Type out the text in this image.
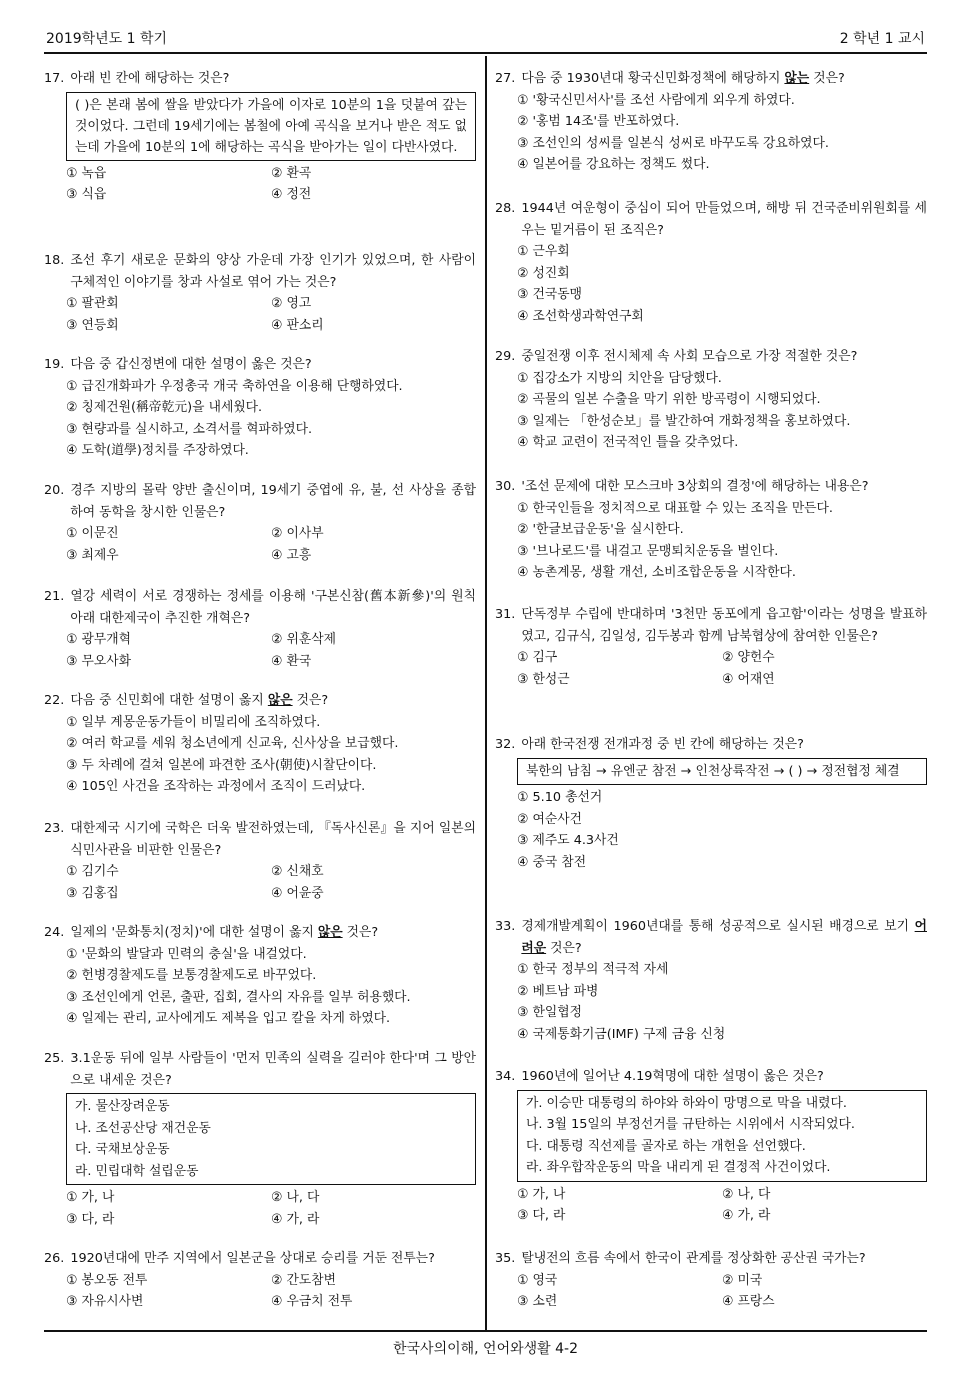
2019학년도 1 학기	2 학년 1 교시
17. 아래 빈 칸에 해당하는 것은?
( )은 본래 봄에 쌀을 받았다가 가을에 이자로 10분의 1을 덧붙여 갚는 것이었다. 그런데 19세기에는 봄철에 아예 곡식을 보거나 받은 적도 없는데 가을에 10분의 1에 해당하는 곡식을 받아가는 일이 다반사였다.
① 녹읍	② 환곡
③ 식읍	④ 정전
18. 조선 후기 새로운 문화의 양상 가운데 가장 인기가 있었으며, 한 사람이 구체적인 이야기를 창과 사설로 엮어 가는 것은?
① 팔관회	② 영고
③ 연등회	④ 판소리
19. 다음 중 갑신정변에 대한 설명이 옳은 것은?
① 급진개화파가 우정총국 개국 축하연을 이용해 단행하였다.
② 칭제건원(稱帝乾元)을 내세웠다.
③ 현량과를 실시하고, 소격서를 혁파하였다.
④ 도학(道學)정치를 주장하였다.
20. 경주 지방의 몰락 양반 출신이며, 19세기 중엽에 유, 불, 선 사상을 종합하여 동학을 창시한 인물은?
① 이문진	② 이사부
③ 최제우	④ 고흥
21. 열강 세력이 서로 경쟁하는 정세를 이용해 '구본신참(舊本新參)'의 원칙 아래 대한제국이 추진한 개혁은?
① 광무개혁	② 위훈삭제
③ 무오사화	④ 환국
22. 다음 중 신민회에 대한 설명이 옳지 않은 것은?
① 일부 계몽운동가들이 비밀리에 조직하였다.
② 여러 학교를 세워 청소년에게 신교육, 신사상을 보급했다.
③ 두 차례에 걸쳐 일본에 파견한 조사(朝使)시찰단이다.
④ 105인 사건을 조작하는 과정에서 조직이 드러났다.
23. 대한제국 시기에 국학은 더욱 발전하였는데, 『독사신론』을 지어 일본의 식민사관을 비판한 인물은?
① 김기수	② 신채호
③ 김홍집	④ 어윤중
24. 일제의 '문화통치(정치)'에 대한 설명이 옳지 않은 것은?
① '문화의 발달과 민력의 충실'을 내걸었다.
② 헌병경찰제도를 보통경찰제도로 바꾸었다.
③ 조선인에게 언론, 출판, 집회, 결사의 자유를 일부 허용했다.
④ 일제는 관리, 교사에게도 제복을 입고 칼을 차게 하였다.
25. 3.1운동 뒤에 일부 사람들이 '먼저 민족의 실력을 길러야 한다'며 그 방안으로 내세운 것은?
가. 물산장려운동
나. 조선공산당 재건운동
다. 국채보상운동
라. 민립대학 설립운동
① 가, 나	② 나, 다
③ 다, 라	④ 가, 라
26. 1920년대에 만주 지역에서 일본군을 상대로 승리를 거둔 전투는?
① 봉오동 전투	② 간도참변
③ 자유시사변	④ 우금치 전투
27. 다음 중 1930년대 황국신민화정책에 해당하지 않는 것은?
① '황국신민서사'를 조선 사람에게 외우게 하였다.
② '홍범 14조'를 반포하였다.
③ 조선인의 성씨를 일본식 성씨로 바꾸도록 강요하였다.
④ 일본어를 강요하는 정책도 썼다.
28. 1944년 여운형이 중심이 되어 만들었으며, 해방 뒤 건국준비위원회를 세우는 밑거름이 된 조직은?
① 근우회
② 성진회
③ 건국동맹
④ 조선학생과학연구회
29. 중일전쟁 이후 전시체제 속 사회 모습으로 가장 적절한 것은?
① 집강소가 지방의 치안을 담당했다.
② 곡물의 일본 수출을 막기 위한 방곡령이 시행되었다.
③ 일제는 「한성순보」를 발간하여 개화정책을 홍보하였다.
④ 학교 교련이 전국적인 틀을 갖추었다.
30. '조선 문제에 대한 모스크바 3상회의 결정'에 해당하는 내용은?
① 한국인들을 정치적으로 대표할 수 있는 조직을 만든다.
② '한글보급운동'을 실시한다.
③ '브나로드'를 내걸고 문맹퇴치운동을 벌인다.
④ 농촌계몽, 생활 개선, 소비조합운동을 시작한다.
31. 단독정부 수립에 반대하며 '3천만 동포에게 읍고함'이라는 성명을 발표하였고, 김규식, 김일성, 김두봉과 함께 남북협상에 참여한 인물은?
① 김구	② 양헌수
③ 한성근	④ 어재연
32. 아래 한국전쟁 전개과정 중 빈 칸에 해당하는 것은?
북한의 남침 → 유엔군 참전 → 인천상륙작전 → ( ) → 정전협정 체결
① 5.10 총선거
② 여순사건
③ 제주도 4.3사건
④ 중국 참전
33. 경제개발계획이 1960년대를 통해 성공적으로 실시된 배경으로 보기 어려운 것은?
① 한국 정부의 적극적 자세
② 베트남 파병
③ 한일협정
④ 국제통화기금(IMF) 구제 금융 신청
34. 1960년에 일어난 4.19혁명에 대한 설명이 옳은 것은?
가. 이승만 대통령의 하야와 하와이 망명으로 막을 내렸다.
나. 3월 15일의 부정선거를 규탄하는 시위에서 시작되었다.
다. 대통령 직선제를 골자로 하는 개헌을 선언했다.
라. 좌우합작운동의 막을 내리게 된 결정적 사건이었다.
① 가, 나	② 나, 다
③ 다, 라	④ 가, 라
35. 탈냉전의 흐름 속에서 한국이 관계를 정상화한 공산권 국가는?
① 영국	② 미국
③ 소련	④ 프랑스
한국사의이해, 언어와생활 4-2
